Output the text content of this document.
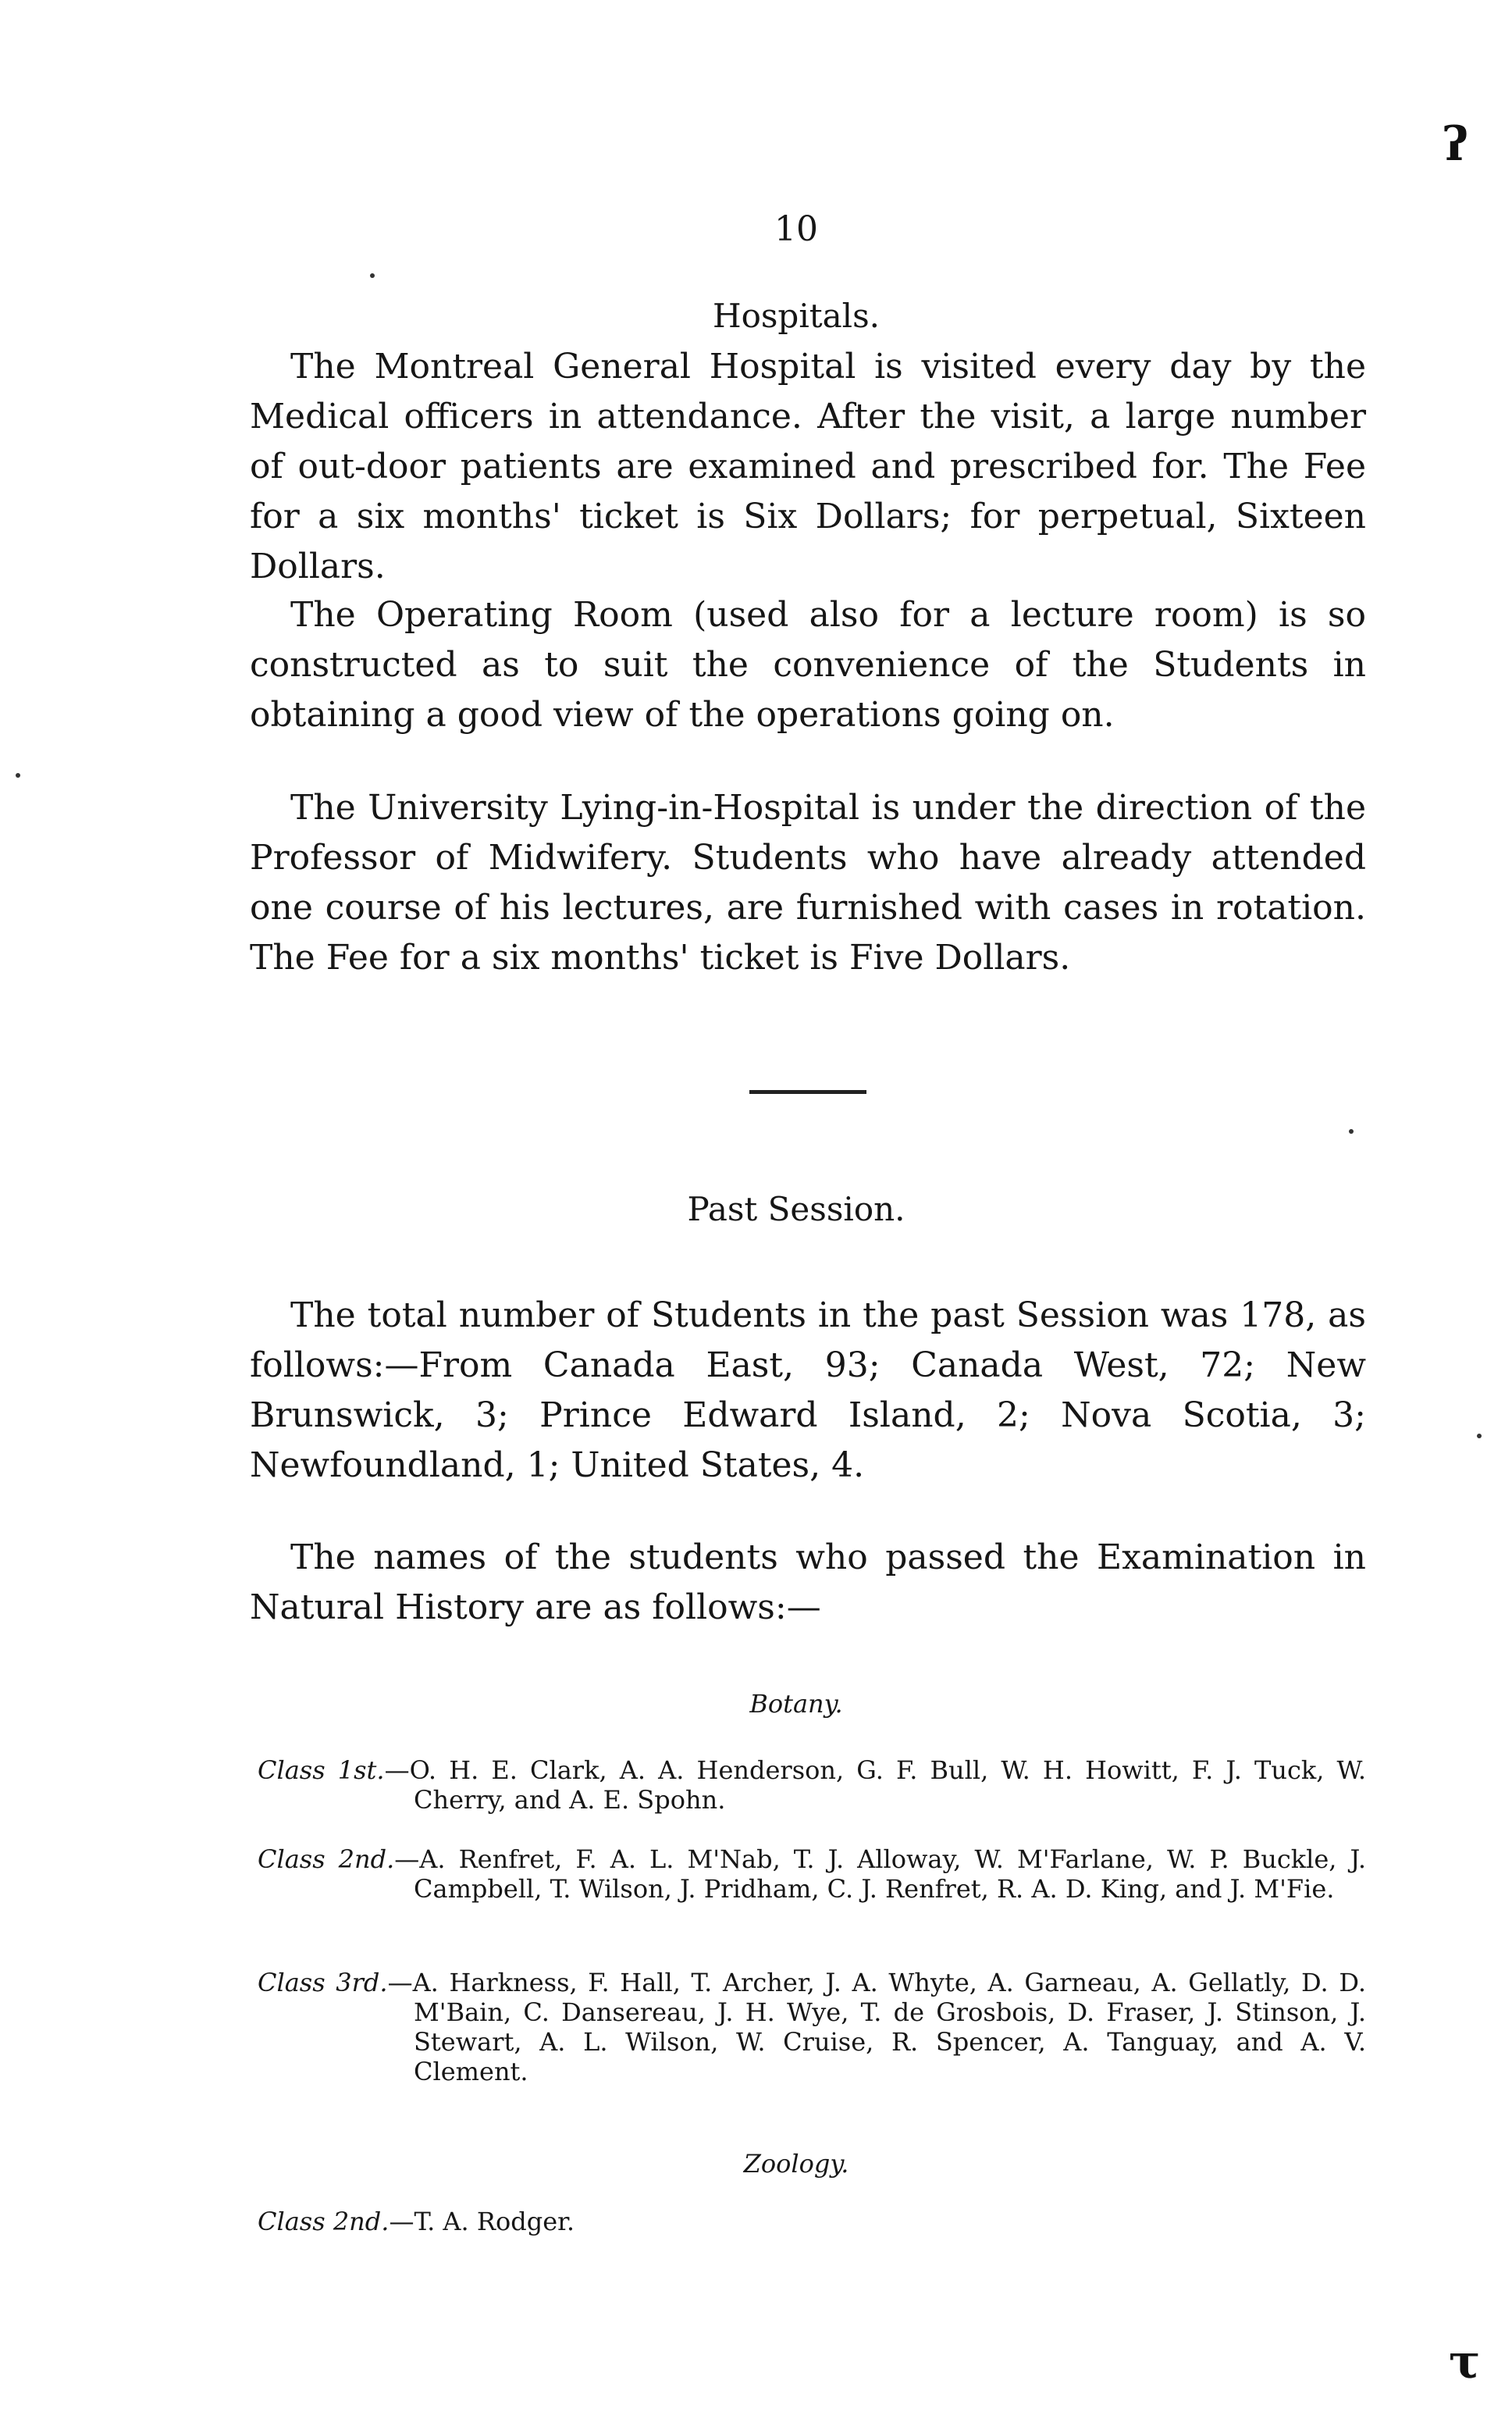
ʔ
10
Hospitals.

The Montreal General Hospital is visited every day by the Medical officers in attendance. After the visit, a large number of out-door patients are examined and prescribed for. The Fee for a six months' ticket is Six Dollars; for perpetual, Sixteen Dollars.

The Operating Room (used also for a lecture room) is so constructed as to suit the convenience of the Students in obtaining a good view of the operations going on.

The University Lying-in-Hospital is under the direction of the Professor of Midwifery. Students who have already attended one course of his lectures, are furnished with cases in rotation. The Fee for a six months' ticket is Five Dollars.

Past Session.

The total number of Students in the past Session was 178, as follows:—From Canada East, 93; Canada West, 72; New Brunswick, 3; Prince Edward Island, 2; Nova Scotia, 3; Newfoundland, 1; United States, 4.

The names of the students who passed the Examination in Natural History are as follows:—

Botany.
Class 1st.—O. H. E. Clark, A. A. Henderson, G. F. Bull, W. H. Howitt, F. J. Tuck, W. Cherry, and A. E. Spohn.
Class 2nd.—A. Renfret, F. A. L. M'Nab, T. J. Alloway, W. M'Farlane, W. P. Buckle, J. Campbell, T. Wilson, J. Pridham, C. J. Renfret, R. A. D. King, and J. M'Fie.
Class 3rd.—A. Harkness, F. Hall, T. Archer, J. A. Whyte, A. Garneau, A. Gellatly, D. D. M'Bain, C. Dansereau, J. H. Wye, T. de Grosbois, D. Fraser, J. Stinson, J. Stewart, A. L. Wilson, W. Cruise, R. Spencer, A. Tanguay, and A. V. Clement.
Zoology.
Class 2nd.—T. A. Rodger.
τ
